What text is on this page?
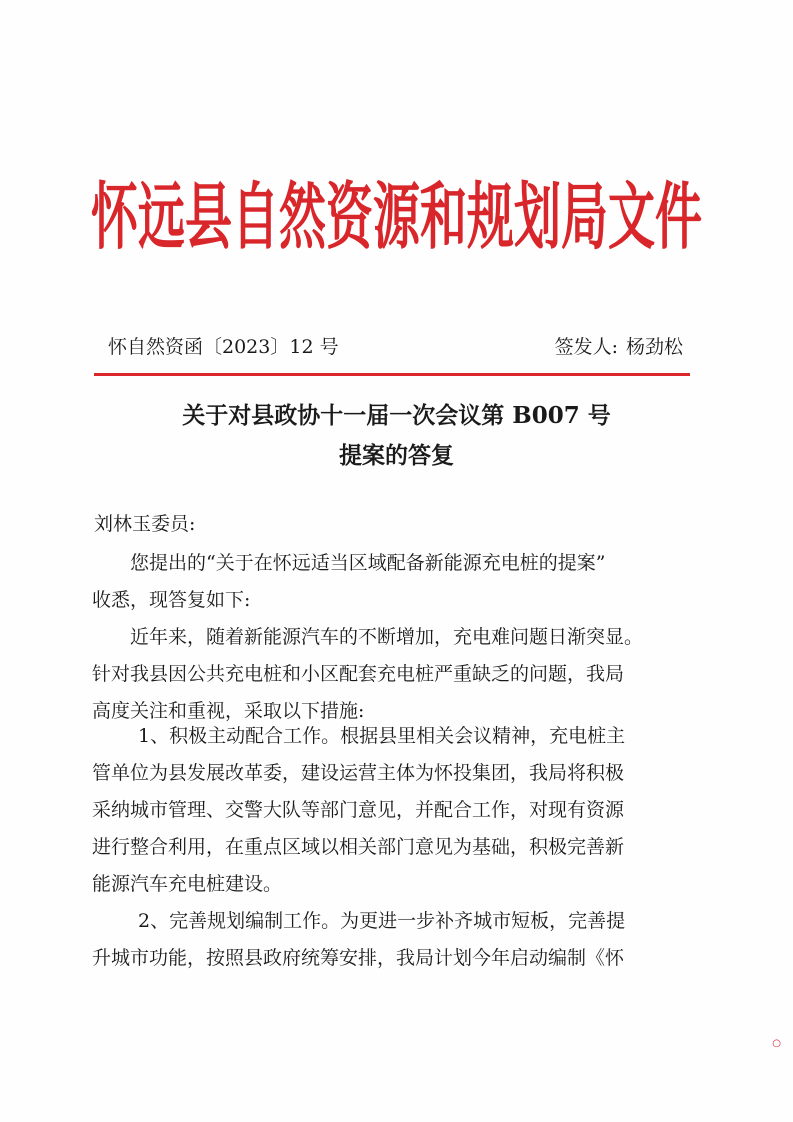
怀远县自然资源和规划局文件
怀自然资函〔2023〕12 号	签发人: 杨劲松
关于对县政协十一届一次会议第 B007 号
提案的答复
刘林玉委员:
您提出的“关于在怀远适当区域配备新能源充电桩的提案”
收悉，现答复如下:
近年来，随着新能源汽车的不断增加，充电难问题日渐突显。
针对我县因公共充电桩和小区配套充电桩严重缺乏的问题，我局
高度关注和重视，采取以下措施:
1、积极主动配合工作。根据县里相关会议精神，充电桩主
管单位为县发展改革委，建设运营主体为怀投集团，我局将积极
采纳城市管理、交警大队等部门意见，并配合工作，对现有资源
进行整合利用，在重点区域以相关部门意见为基础，积极完善新
能源汽车充电桩建设。
2、完善规划编制工作。为更进一步补齐城市短板，完善提
升城市功能，按照县政府统筹安排，我局计划今年启动编制《怀
○
